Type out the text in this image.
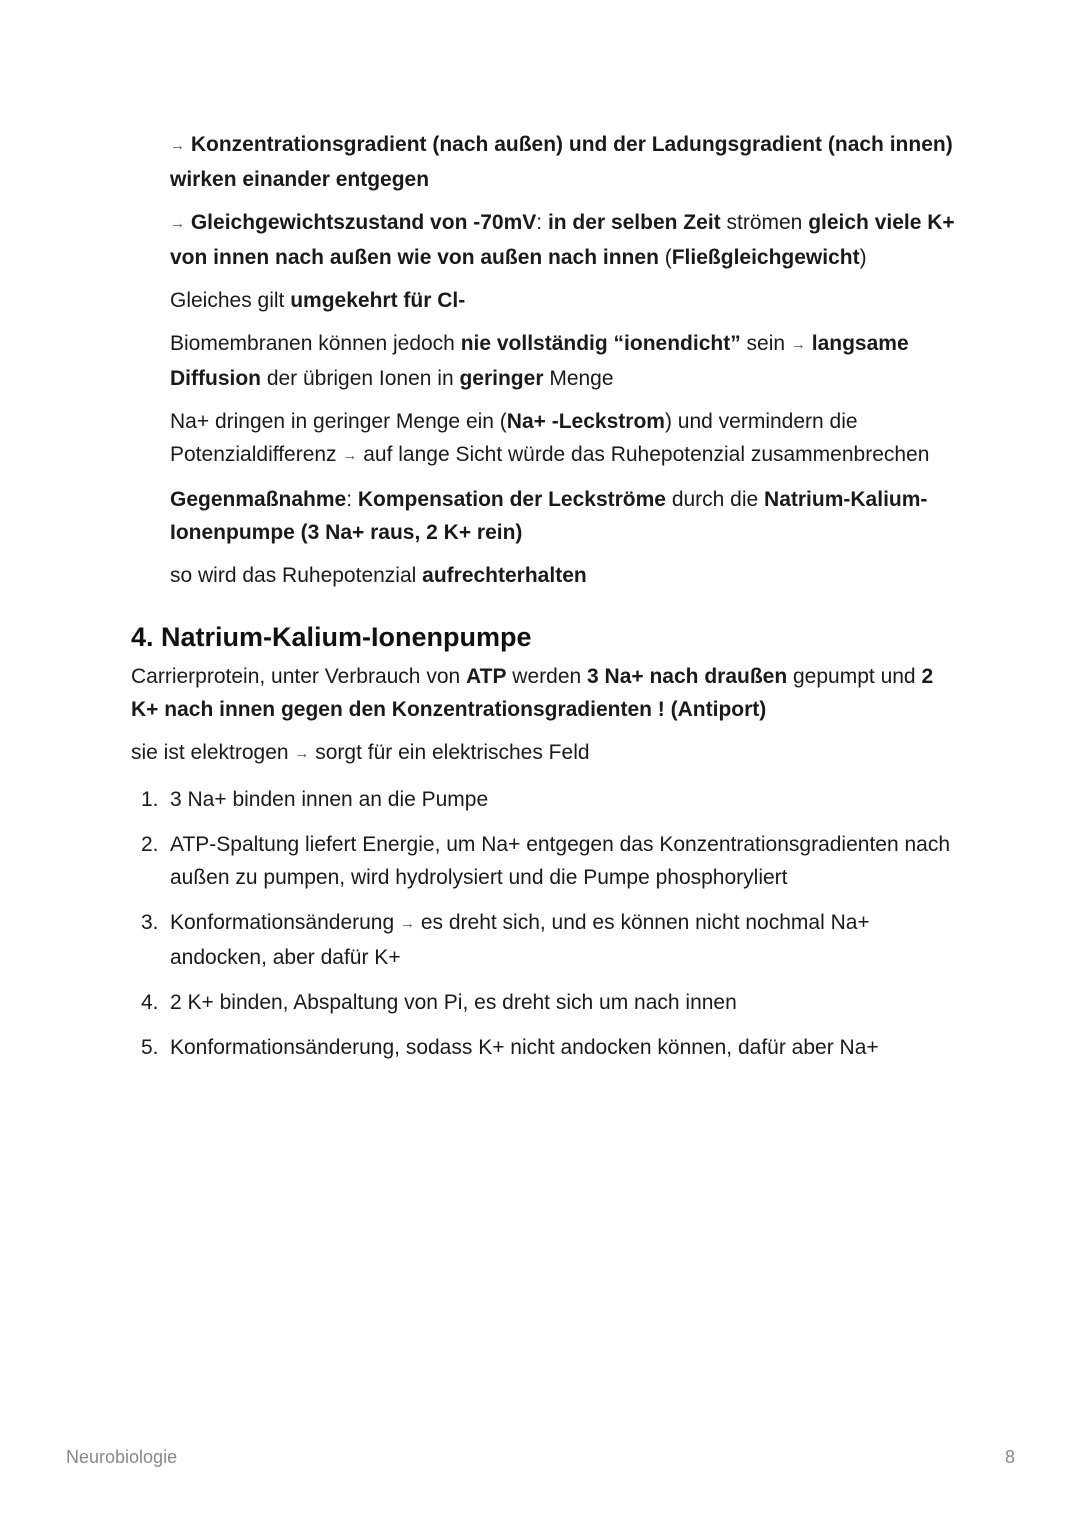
→ Konzentrationsgradient (nach außen) und der Ladungsgradient (nach innen) wirken einander entgegen

→ Gleichgewichtszustand von -70mV: in der selben Zeit strömen gleich viele K+ von innen nach außen wie von außen nach innen (Fließgleichgewicht)

Gleiches gilt umgekehrt für Cl-

Biomembranen können jedoch nie vollständig “ionendicht” sein → langsame Diffusion der übrigen Ionen in geringer Menge

Na+ dringen in geringer Menge ein (Na+ -Leckstrom) und vermindern die Potenzialdifferenz → auf lange Sicht würde das Ruhepotenzial zusammenbrechen

Gegenmaßnahme: Kompensation der Leckströme durch die Natrium-Kalium-Ionenpumpe (3 Na+ raus, 2 K+ rein)

so wird das Ruhepotenzial aufrechterhalten

4. Natrium-Kalium-Ionenpumpe

Carrierprotein, unter Verbrauch von ATP werden 3 Na+ nach draußen gepumpt und 2 K+ nach innen gegen den Konzentrationsgradienten ! (Antiport)

sie ist elektrogen → sorgt für ein elektrisches Feld

1. 3 Na+ binden innen an die Pumpe
2. ATP-Spaltung liefert Energie, um Na+ entgegen das Konzentrationsgradienten nach außen zu pumpen, wird hydrolysiert und die Pumpe phosphoryliert
3. Konformationsänderung → es dreht sich, und es können nicht nochmal Na+ andocken, aber dafür K+
4. 2 K+ binden, Abspaltung von Pi, es dreht sich um nach innen
5. Konformationsänderung, sodass K+ nicht andocken können, dafür aber Na+
Neurobiologie	8
